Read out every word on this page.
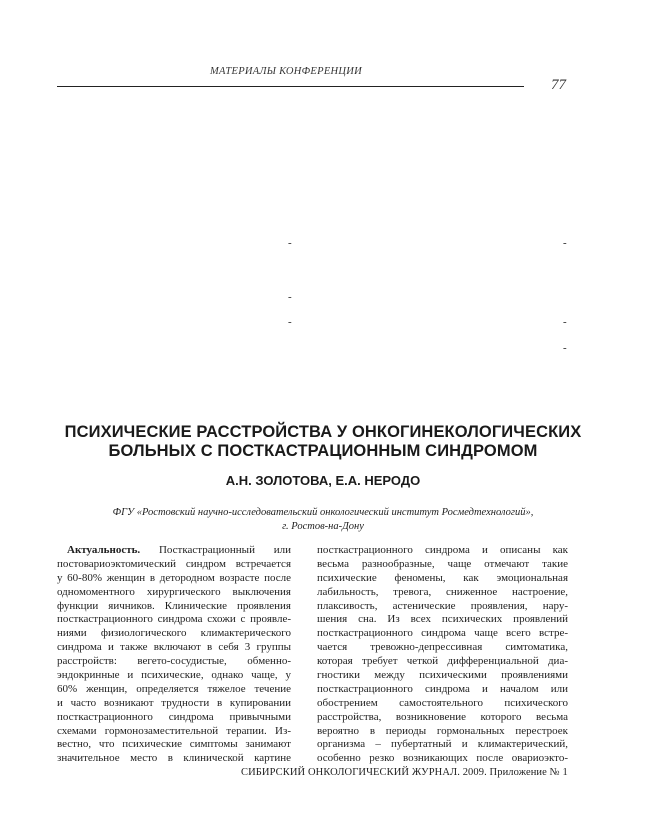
МАТЕРИАЛЫ КОНФЕРЕНЦИИ
77
-	-
-
-	-
-
ПСИХИЧЕСКИЕ РАССТРОЙСТВА У ОНКОГИНЕКОЛОГИЧЕСКИХ
БОЛЬНЫХ С ПОСТКАСТРАЦИОННЫМ СИНДРОМОМ
А.Н. ЗОЛОТОВА, Е.А. НЕРОДО
ФГУ «Ростовский научно-исследовательский онкологический институт Росмедтехнологий»,
г. Ростов-на-Дону
Актуальность. Посткастрационный или
постовариоэктомический синдром встречается
у 60-80% женщин в детородном возрасте после
одномоментного хирургического выключения
функции яичников. Клинические проявления
посткастрационного синдрома схожи с проявле-
ниями физиологического климактерического
синдрома и также включают в себя 3 группы
расстройств: вегето-сосудистые, обменно-
эндокринные и психические, однако чаще, у
60% женщин, определяется тяжелое течение
и часто возникают трудности в купировании
посткастрационного синдрома привычными
схемами гормонозаместительной терапии. Из-
вестно, что психические симптомы занимают
значительное место в клинической картине
посткастрационного синдрома и описаны как
весьма разнообразные, чаще отмечают такие
психические феномены, как эмоциональная
лабильность, тревога, сниженное настроение,
плаксивость, астенические проявления, нару-
шения сна. Из всех психических проявлений
посткастрационного синдрома чаще всего встре-
чается тревожно-депрессивная симтоматика,
которая требует четкой дифференциальной диа-
гностики между психическими проявлениями
посткастрационного синдрома и началом или
обострением самостоятельного психического
расстройства, возникновение которого весьма
вероятно в периоды гормональных перестроек
организма – пубертатный и климактерический,
особенно резко возникающих после овариоэкто-
СИБИРСКИЙ ОНКОЛОГИЧЕСКИЙ ЖУРНАЛ. 2009. Приложение № 1
